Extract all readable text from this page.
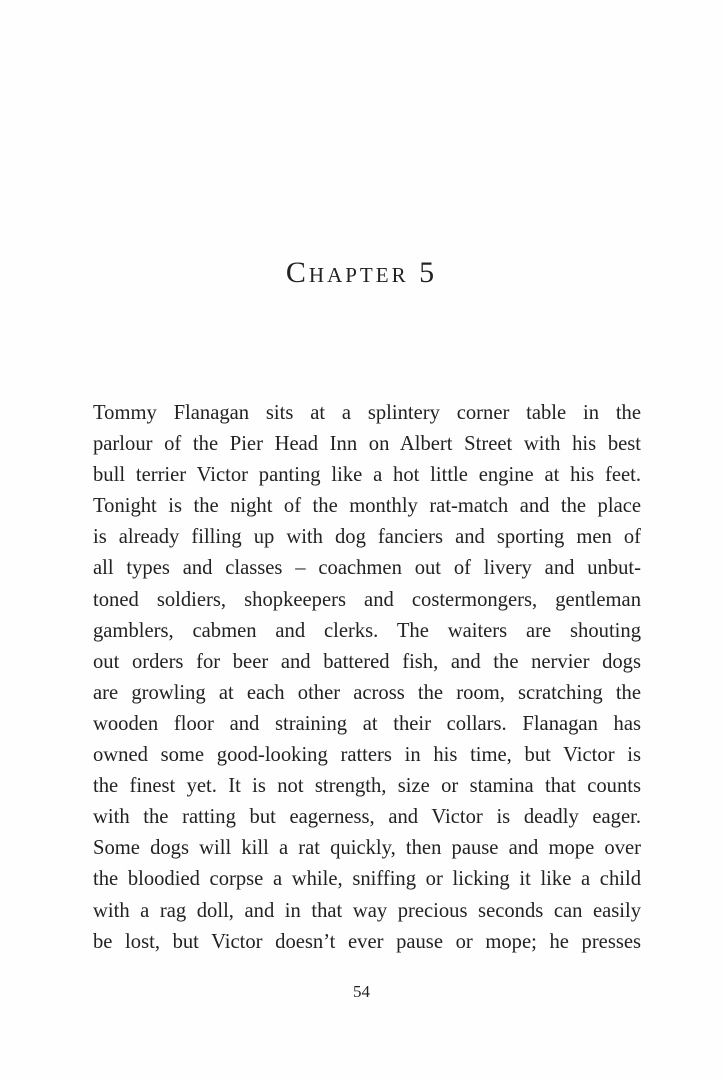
Chapter 5
Tommy Flanagan sits at a splintery corner table in the
parlour of the Pier Head Inn on Albert Street with his best
bull terrier Victor panting like a hot little engine at his feet.
Tonight is the night of the monthly rat-match and the place
is already filling up with dog fanciers and sporting men of
all types and classes – coachmen out of livery and unbut-
toned soldiers, shopkeepers and costermongers, gentleman
gamblers, cabmen and clerks. The waiters are shouting
out orders for beer and battered fish, and the nervier dogs
are growling at each other across the room, scratching the
wooden floor and straining at their collars. Flanagan has
owned some good-looking ratters in his time, but Victor is
the finest yet. It is not strength, size or stamina that counts
with the ratting but eagerness, and Victor is deadly eager.
Some dogs will kill a rat quickly, then pause and mope over
the bloodied corpse a while, sniffing or licking it like a child
with a rag doll, and in that way precious seconds can easily
be lost, but Victor doesn’t ever pause or mope; he presses
54
